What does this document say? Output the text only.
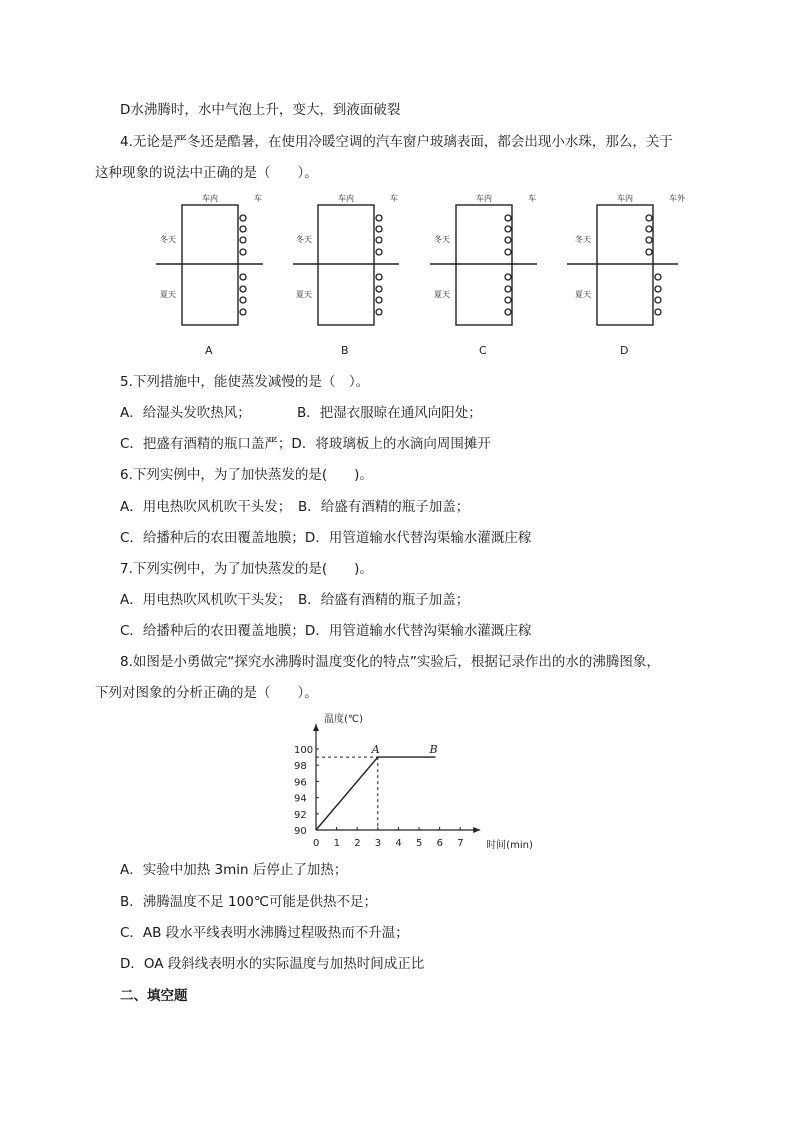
D水沸腾时，水中气泡上升，变大，到液面破裂
4.无论是严冬还是酷暑，在使用冷暖空调的汽车窗户玻璃表面，都会出现小水珠，那么，关于
这种现象的说法中正确的是（　　）。
车内	车
冬天
夏天
A
车内	车
冬天
夏天
B
车内	车
冬天
夏天
C
车内	车外
冬天
夏天
D
5.下列措施中，能使蒸发减慢的是（　）。
A．给湿头发吹热风；	B．把湿衣服晾在通风向阳处；
C．把盛有酒精的瓶口盖严；D．将玻璃板上的水滴向周围摊开
6.下列实例中，为了加快蒸发的是(　　)。
A．用电热吹风机吹干头发；　B．给盛有酒精的瓶子加盖；
C．给播种后的农田覆盖地膜；D．用管道输水代替沟渠输水灌溉庄稼
7.下列实例中，为了加快蒸发的是(　　)。
A．用电热吹风机吹干头发；　B．给盛有酒精的瓶子加盖；
C．给播种后的农田覆盖地膜；D．用管道输水代替沟渠输水灌溉庄稼
8.如图是小勇做完“探究水沸腾时温度变化的特点”实验后，根据记录作出的水的沸腾图象，
下列对图象的分析正确的是（　　）。
温度(℃)
时间(min)
0 1 2 3 4 5 6 7
90
92
94
96
98
100	A	B
A．实验中加热 3min 后停止了加热；
B．沸腾温度不足 100℃可能是供热不足；
C．AB 段水平线表明水沸腾过程吸热而不升温；
D．OA 段斜线表明水的实际温度与加热时间成正比
二、填空题
